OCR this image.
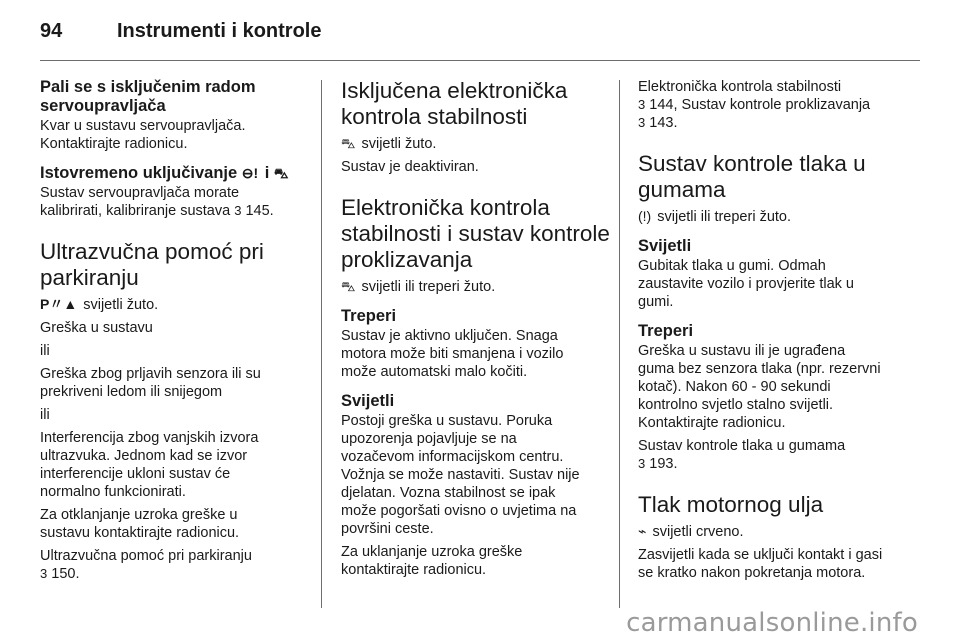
94	Instrumenti i kontrole
Pali se s isključenim radom
servoupravljača

Kvar u sustavu servoupravljača.
Kontaktirajte radionicu.

Istovremeno uključivanje ⊖! i ⛍

Sustav servoupravljača morate
kalibrirati, kalibriranje sustava 3 145.

Ultrazvučna pomoć pri
parkiranju

P〃▲ svijetli žuto.

Greška u sustavu

ili

Greška zbog prljavih senzora ili su
prekriveni ledom ili snijegom

ili

Interferencija zbog vanjskih izvora
ultrazvuka. Jednom kad se izvor
interferencije ukloni sustav će
normalno funkcionirati.

Za otklanjanje uzroka greške u
sustavu kontaktirajte radionicu.

Ultrazvučna pomoć pri parkiranju
3 150.

Isključena elektronička
kontrola stabilnosti

⛍ svijetli žuto.

Sustav je deaktiviran.

Elektronička kontrola
stabilnosti i sustav kontrole
proklizavanja

⛍ svijetli ili treperi žuto.

Treperi

Sustav je aktivno uključen. Snaga
motora može biti smanjena i vozilo
može automatski malo kočiti.

Svijetli

Postoji greška u sustavu. Poruka
upozorenja pojavljuje se na
vozačevom informacijskom centru.
Vožnja se može nastaviti. Sustav nije
djelatan. Vozna stabilnost se ipak
može pogoršati ovisno o uvjetima na
površini ceste.

Za uklanjanje uzroka greške
kontaktirajte radionicu.

Elektronička kontrola stabilnosti
3 144, Sustav kontrole proklizavanja
3 143.

Sustav kontrole tlaka u
gumama

(!) svijetli ili treperi žuto.

Svijetli

Gubitak tlaka u gumi. Odmah
zaustavite vozilo i provjerite tlak u
gumi.

Treperi

Greška u sustavu ili je ugrađena
guma bez senzora tlaka (npr. rezervni
kotač). Nakon 60 - 90 sekundi
kontrolno svjetlo stalno svijetli.
Kontaktirajte radionicu.

Sustav kontrole tlaka u gumama
3 193.

Tlak motornog ulja

⌁ svijetli crveno.

Zasvijetli kada se uključi kontakt i gasi
se kratko nakon pokretanja motora.

carmanualsonline.info
